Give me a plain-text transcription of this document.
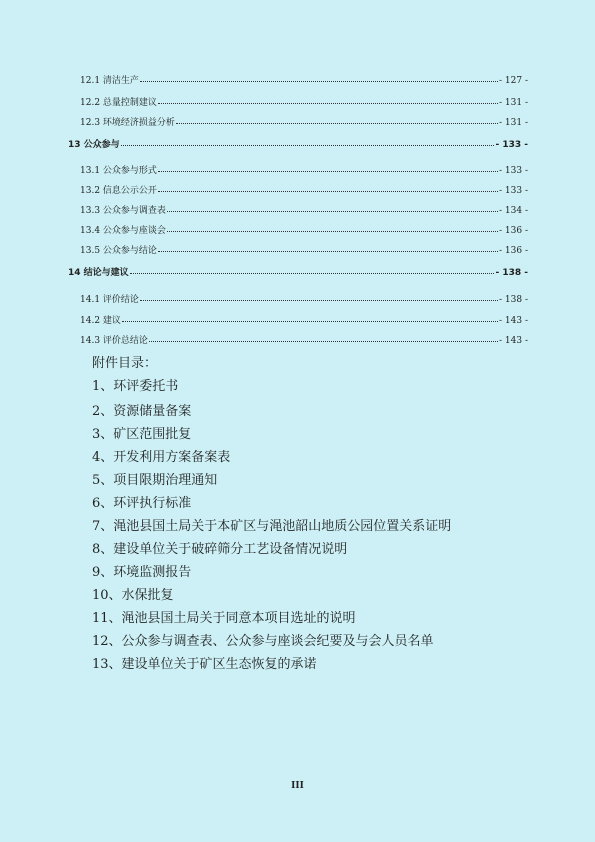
12.1 清洁生产	- 127 -
12.2 总量控制建议	- 131 -
12.3 环境经济损益分析	- 131 -
13 公众参与	- 133 -
13.1 公众参与形式	- 133 -
13.2 信息公示公开	- 133 -
13.3 公众参与调查表	- 134 -
13.4 公众参与座谈会	- 136 -
13.5 公众参与结论	- 136 -
14 结论与建议	- 138 -
14.1 评价结论	- 138 -
14.2 建议	- 143 -
14.3 评价总结论	- 143 -
附件目录：
1、环评委托书
2、资源储量备案
3、矿区范围批复
4、开发利用方案备案表
5、项目限期治理通知
6、环评执行标准
7、渑池县国土局关于本矿区与渑池韶山地质公园位置关系证明
8、建设单位关于破碎筛分工艺设备情况说明
9、环境监测报告
10、水保批复
11、渑池县国土局关于同意本项目选址的说明
12、公众参与调查表、公众参与座谈会纪要及与会人员名单
13、建设单位关于矿区生态恢复的承诺
III
